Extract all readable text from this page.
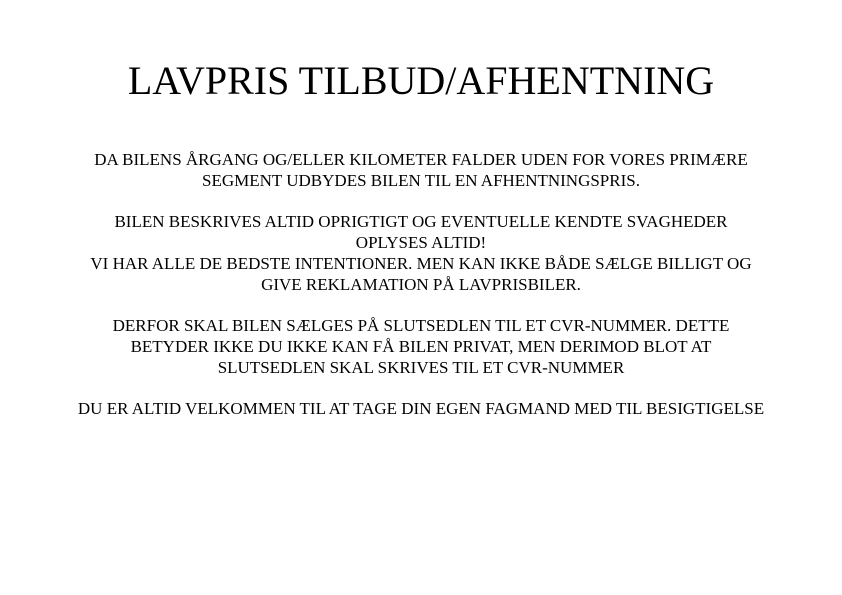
LAVPRIS TILBUD/AFHENTNING

DA BILENS ÅRGANG OG/ELLER KILOMETER FALDER UDEN FOR VORES PRIMÆRE
SEGMENT UDBYDES BILEN TIL EN AFHENTNINGSPRIS.

BILEN BESKRIVES ALTID OPRIGTIGT OG EVENTUELLE KENDTE SVAGHEDER
OPLYSES ALTID!
VI HAR ALLE DE BEDSTE INTENTIONER. MEN KAN IKKE BÅDE SÆLGE BILLIGT OG
GIVE REKLAMATION PÅ LAVPRISBILER.

DERFOR SKAL BILEN SÆLGES PÅ SLUTSEDLEN TIL ET CVR-NUMMER. DETTE
BETYDER IKKE DU IKKE KAN FÅ BILEN PRIVAT, MEN DERIMOD BLOT AT
SLUTSEDLEN SKAL SKRIVES TIL ET CVR-NUMMER

DU ER ALTID VELKOMMEN TIL AT TAGE DIN EGEN FAGMAND MED TIL BESIGTIGELSE
